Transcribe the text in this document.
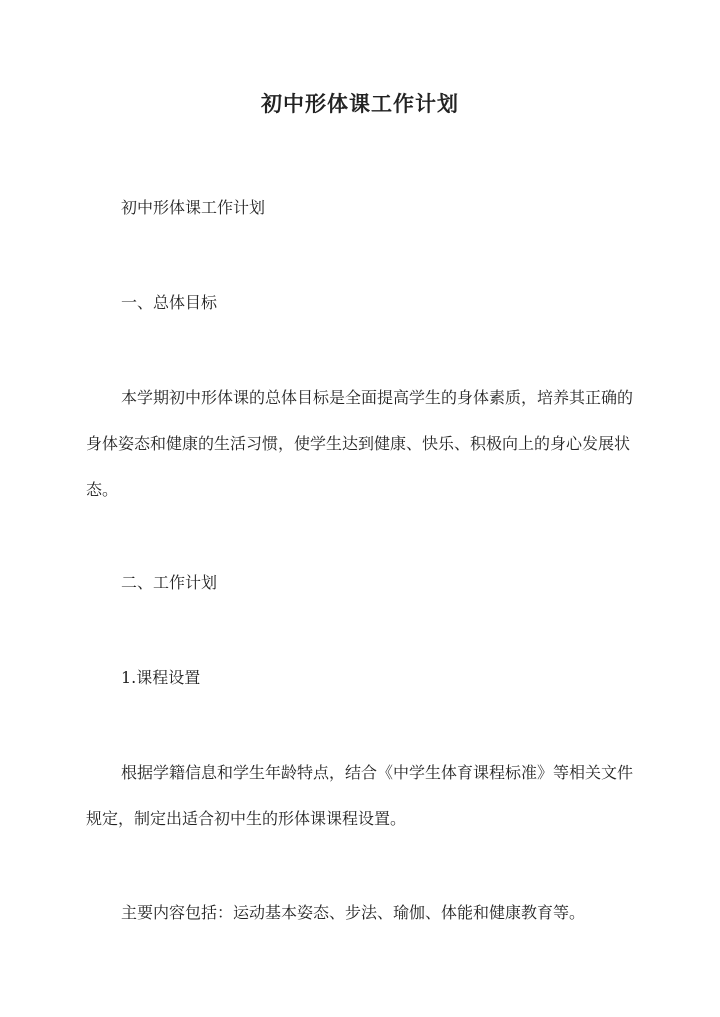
初中形体课工作计划

初中形体课工作计划

一、总体目标

本学期初中形体课的总体目标是全面提高学生的身体素质，培养其正确的身体姿态和健康的生活习惯，使学生达到健康、快乐、积极向上的身心发展状态。

二、工作计划

1.课程设置

根据学籍信息和学生年龄特点，结合《中学生体育课程标准》等相关文件规定，制定出适合初中生的形体课课程设置。

主要内容包括：运动基本姿态、步法、瑜伽、体能和健康教育等。
